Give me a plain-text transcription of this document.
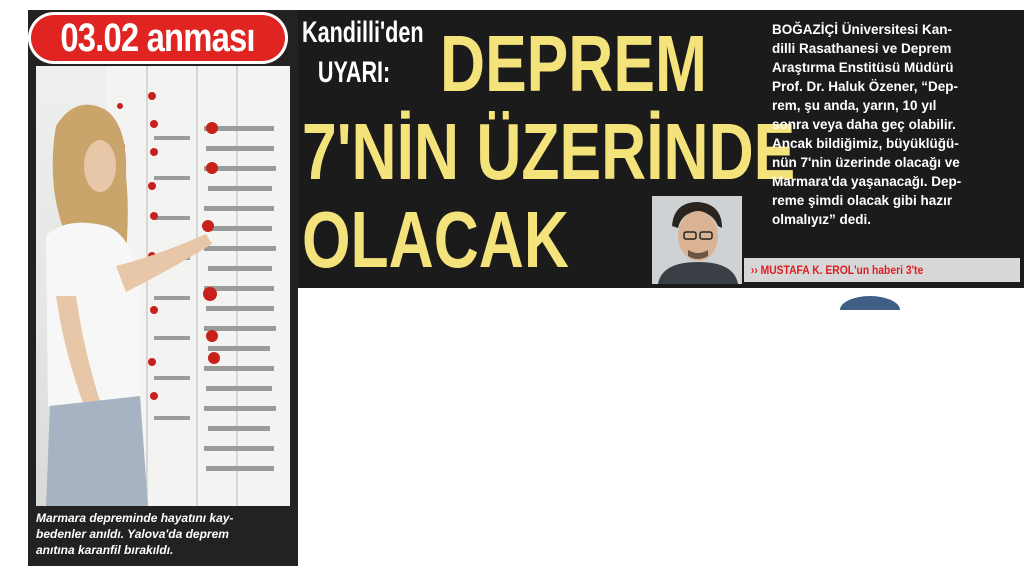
03.02 anması
Marmara depreminde hayatını kay-
bedenler anıldı. Yalova'da deprem
anıtına karanfil bırakıldı.
Kandilli'den
UYARI: DEPREM
7'NİN ÜZERİNDE
OLACAK
BOĞAZİÇİ Üniversitesi Kan-
dilli Rasathanesi ve Deprem
Araştırma Enstitüsü Müdürü
Prof. Dr. Haluk Özener, “Dep-
rem, şu anda, yarın, 10 yıl
sonra veya daha geç olabilir.
Ancak bildiğimiz, büyüklüğü-
nün 7'nin üzerinde olacağı ve
Marmara'da yaşanacağı. Dep-
reme şimdi olacak gibi hazır
olmalıyız” dedi.
›› MUSTAFA K. EROL'un haberi 3'te
